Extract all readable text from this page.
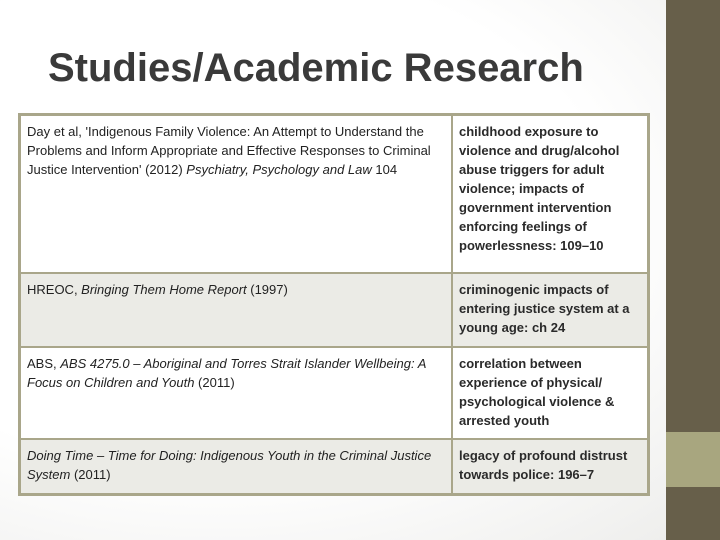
Studies/Academic Research
Day et al, 'Indigenous Family Violence: An Attempt to Understand the Problems and Inform Appropriate and Effective Responses to Criminal Justice Intervention' (2012) Psychiatry, Psychology and Law 104	childhood exposure to violence and drug/alcohol abuse triggers for adult violence; impacts of government intervention enforcing feelings of powerlessness: 109–10
HREOC, Bringing Them Home Report (1997)	criminogenic impacts of entering justice system at a young age: ch 24
ABS, ABS 4275.0 – Aboriginal and Torres Strait Islander Wellbeing: A Focus on Children and Youth (2011)	correlation between experience of physical/ psychological violence & arrested youth
Doing Time – Time for Doing: Indigenous Youth in the Criminal Justice System (2011)	legacy of profound distrust towards police: 196–7
